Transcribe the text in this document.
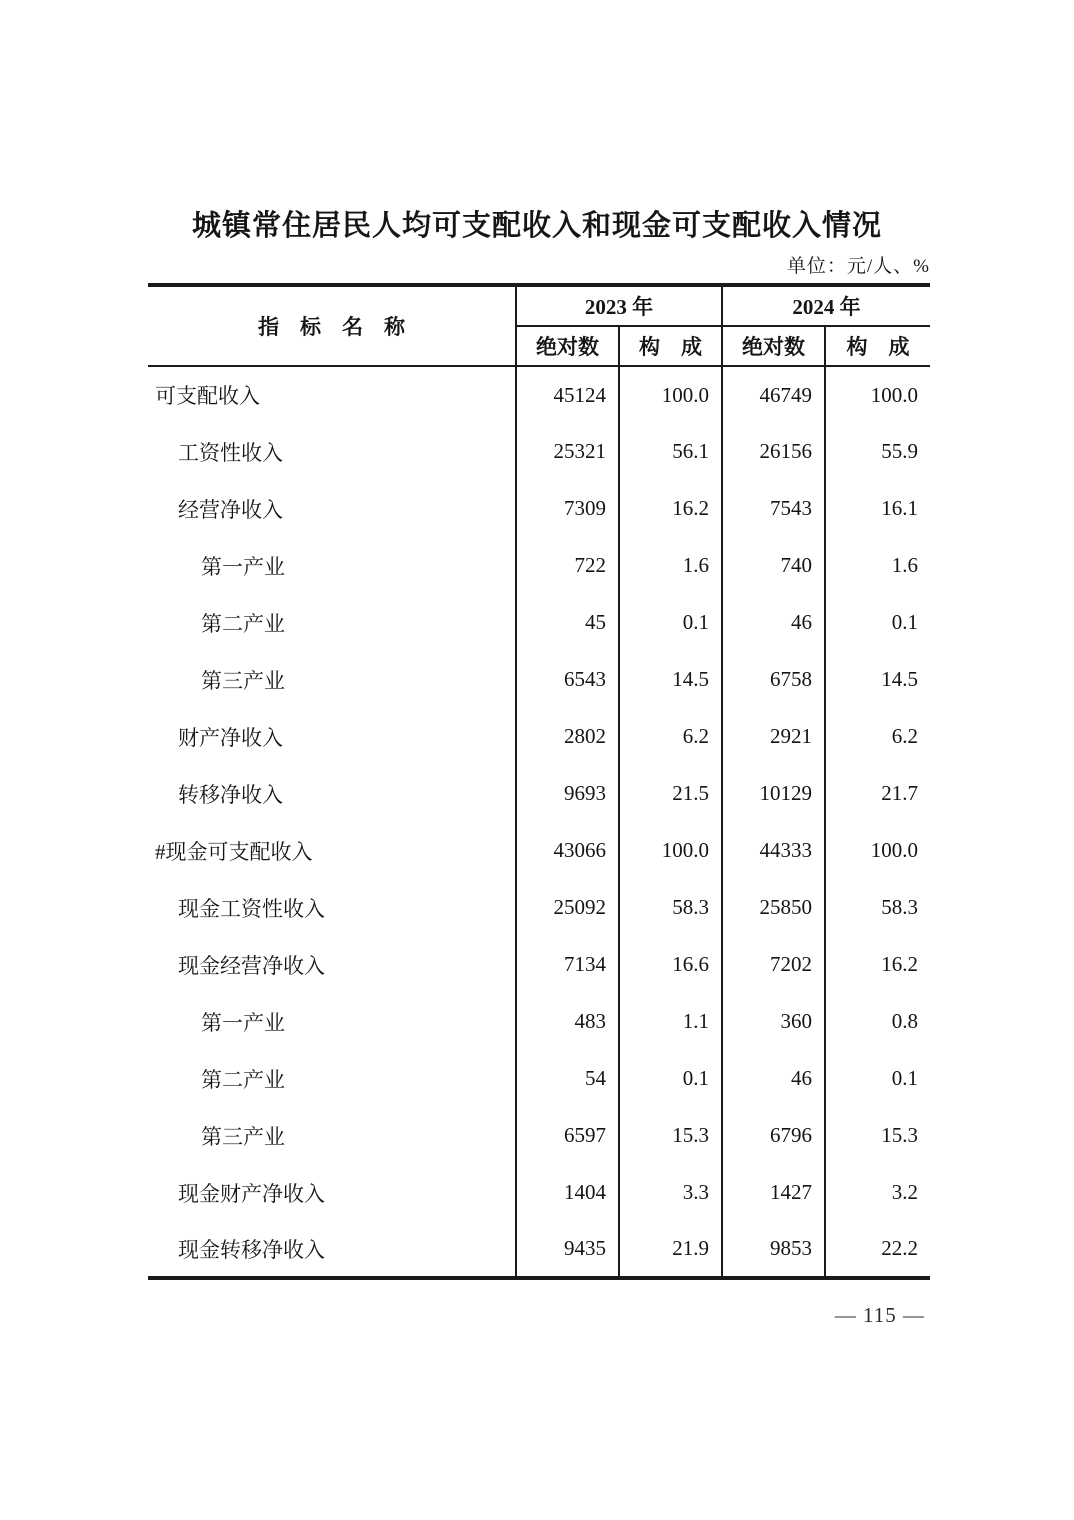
城镇常住居民人均可支配收入和现金可支配收入情况
单位：元/人、%
指　标　名　称	2023 年		2024 年	
	绝对数	构　成	绝对数	构　成
可支配收入	45124	100.0	46749	100.0
工资性收入	25321	56.1	26156	55.9
经营净收入	7309	16.2	7543	16.1
第一产业	722	1.6	740	1.6
第二产业	45	0.1	46	0.1
第三产业	6543	14.5	6758	14.5
财产净收入	2802	6.2	2921	6.2
转移净收入	9693	21.5	10129	21.7
#现金可支配收入	43066	100.0	44333	100.0
现金工资性收入	25092	58.3	25850	58.3
现金经营净收入	7134	16.6	7202	16.2
第一产业	483	1.1	360	0.8
第二产业	54	0.1	46	0.1
第三产业	6597	15.3	6796	15.3
现金财产净收入	1404	3.3	1427	3.2
现金转移净收入	9435	21.9	9853	22.2
— 115 —
